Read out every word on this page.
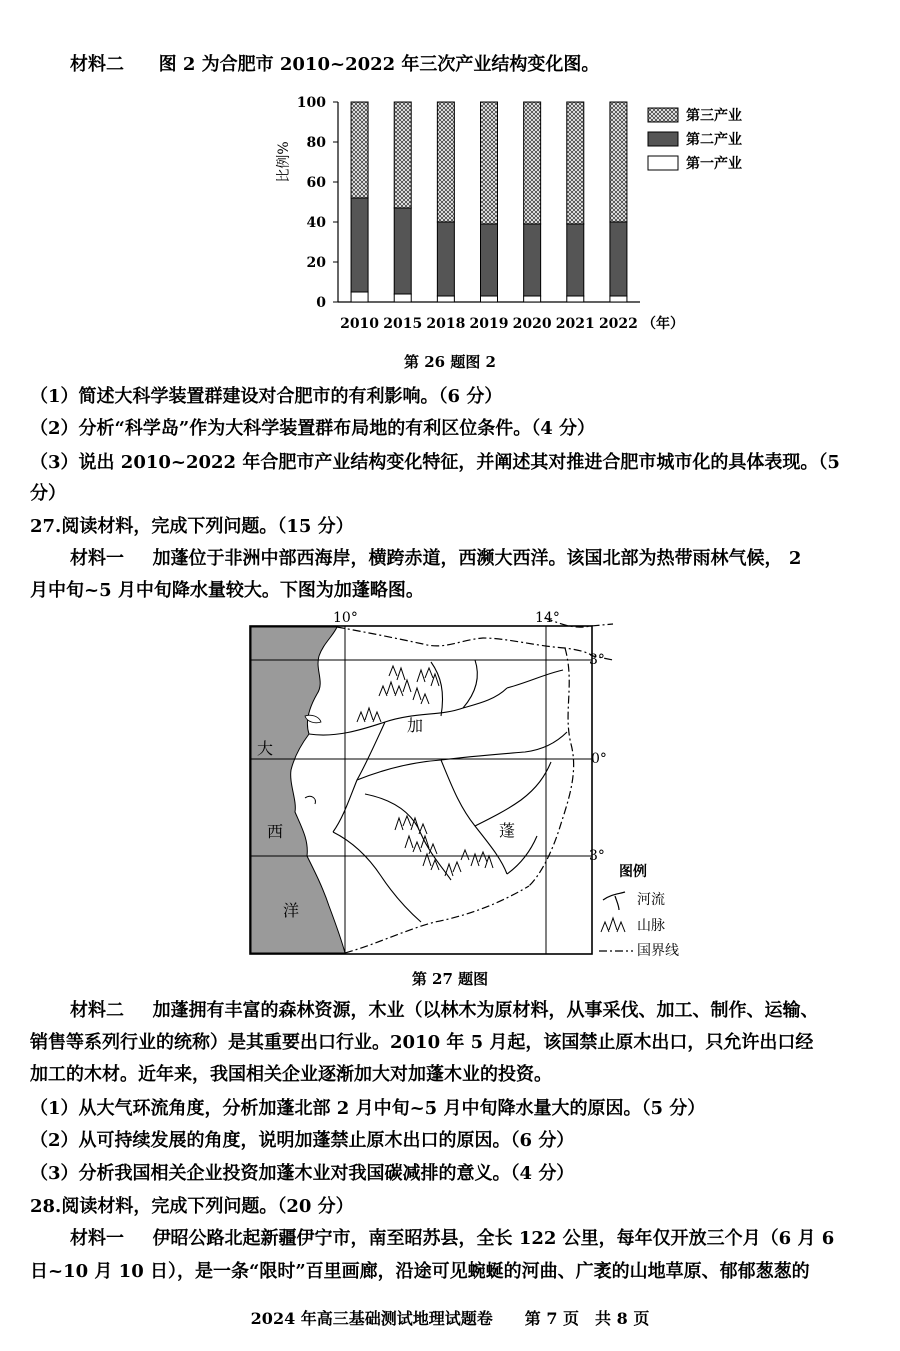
材料二 图 2 为合肥市 2010~2022 年三次产业结构变化图。
0
20
40
60
80
100
比例%
2010 2015 2018 2019 2020 2021 2022 （年）
第三产业
第二产业
第一产业
第 26 题图 2
（1）简述大科学装置群建设对合肥市的有利影响。（6 分）
（2）分析“科学岛”作为大科学装置群布局地的有利区位条件。（4 分）
（3）说出 2010~2022 年合肥市产业结构变化特征，并阐述其对推进合肥市城市化的具体表现。（5
分）
27.阅读材料，完成下列问题。（15 分）
材料一 加蓬位于非洲中部西海岸，横跨赤道，西濒大西洋。该国北部为热带雨林气候， 2
月中旬~5 月中旬降水量较大。下图为加蓬略图。
10°	14°
3°
0°
3°
大
西
洋
加
蓬
图例
河流
山脉
国界线
第 27 题图
材料二 加蓬拥有丰富的森林资源，木业（以林木为原材料，从事采伐、加工、制作、运输、
销售等系列行业的统称）是其重要出口行业。2010 年 5 月起，该国禁止原木出口，只允许出口经
加工的木材。近年来，我国相关企业逐渐加大对加蓬木业的投资。
（1）从大气环流角度，分析加蓬北部 2 月中旬~5 月中旬降水量大的原因。（5 分）
（2）从可持续发展的角度，说明加蓬禁止原木出口的原因。（6 分）
（3）分析我国相关企业投资加蓬木业对我国碳减排的意义。（4 分）
28.阅读材料，完成下列问题。（20 分）
材料一 伊昭公路北起新疆伊宁市，南至昭苏县，全长 122 公里，每年仅开放三个月（6 月 6
日~10 月 10 日），是一条“限时”百里画廊，沿途可见蜿蜒的河曲、广袤的山地草原、郁郁葱葱的
2024 年高三基础测试地理试题卷　　第 7 页　共 8 页
